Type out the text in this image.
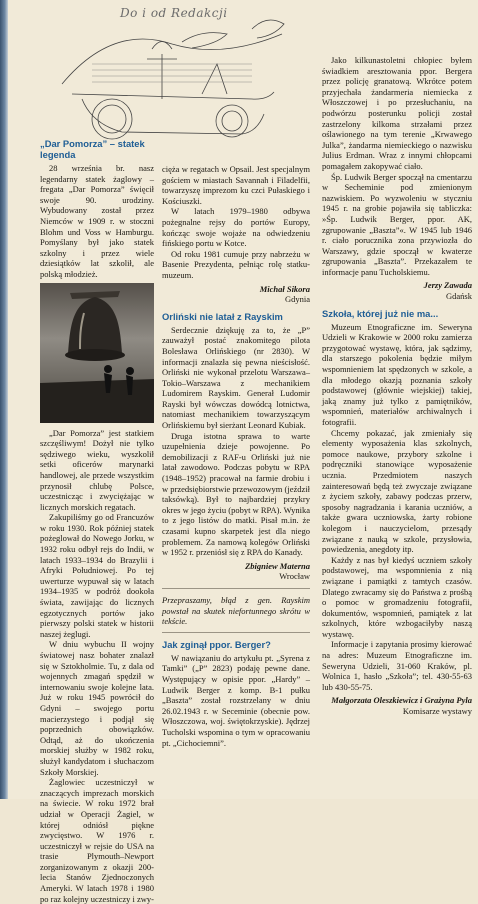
Do i od Redakcji
„Dar Pomorza” – statek legenda

28 września br. nasz legendarny statek żaglowy – fregata „Dar Pomorza” święcił swoje 90. urodziny. Wybudowany został przez Niemców w 1909 r. w stoczni Blohm und Voss w Hamburgu. Pomyślany był jako statek szkolny i przez wiele dziesiątków lat szkolił, ale polską młodzież.

„Dar Pomorza” jest statkiem szczęśliwym! Dożył nie tylko sędziwego wieku, wyszkolił setki oficerów marynarki handlowej, ale przede wszystkim przynosił chlubę Polsce, uczestnicząc i zwyciężając w licznych morskich regatach.

Zakupiliśmy go od Francuzów w roku 1930. Rok później statek pożeglował do Nowego Jorku, w 1932 roku odbył rejs do Indii, w latach 1933–1934 do Brazylii i Afryki Południowej. Po tej uwerturze wypuwał się w latach 1934–1935 w podróż dookoła świata, zawijając do licznych egzotycznych portów jako pierwszy polski statek w historii naszej żeglugi.

W dniu wybuchu II wojny światowej nasz bohater znalazł się w Sztokholmie. Tu, z dala od wojennych zmagań spędził w internowaniu swoje kolejne lata. Już w roku 1945 powrócił do Gdyni – swojego portu macierzystego i podjął się poprzednich obowiązków. Odtąd, aż do ukończenia morskiej służby w 1982 roku, służył kandydatom i słuchaczom Szkoły Morskiej.

Żaglowiec uczestniczył w znaczących imprezach morskich na świecie. W roku 1972 brał udział w Operacji Żagiel, w której odniósł piękne zwycięstwo. W 1976 r. uczestniczył w rejsie do USA na trasie Plymouth–Newport zorganizowanym z okazji 200-lecia Stanów Zjednoczonych Ameryki. W latach 1978 i 1980 po raz kolejny uczestniczy i zwy-

cięża w regatach w Opsail. Jest specjalnym gościem w miastach Savannah i Filadelfii, towarzyszę imprezom ku czci Pułaskiego i Kościuszki.

W latach 1979–1980 odbywa pożegnalne rejsy do portów Europy, kończąc swoje wojaże na odwiedzeniu fińskiego portu w Kotce.

Od roku 1981 cumuje przy nabrzeżu w Basenie Prezydenta, pełniąc rolę statku-muzeum.

Michał Sikora
Gdynia
Orliński nie latał z Rayskim

Serdecznie dziękuję za to, że „P” zauważył postać znakomitego pilota Bolesława Orlińskiego (nr 2830). W informacji znalazła się pewna nieścisłość. Orliński nie wykonał przelotu Warszawa–Tokio–Warszawa z mechanikiem Ludomirem Rayskim. Generał Ludomir Rayski był wówczas dowódcą lotnictwa, natomiast mechanikiem towarzyszącym Orlińskiemu był sierżant Leonard Kubiak.

Druga istotna sprawa to warte uzupełnienia dzieje powojenne. Po demobilizacji z RAF-u Orliński już nie latał zawodowo. Podczas pobytu w RPA (1948–1952) pracował na farmie drobiu i w przedsiębiorstwie przewozowym (jeździł taksówką). Był to najbardziej przykry okres w jego życiu (pobyt w RPA). Wynika to z jego listów do matki. Pisał m.in. że czasami kupno skarpetek jest dla niego problemem. Za namową kolegów Orliński w 1952 r. przeniósł się z RPA do Kanady.

Zbigniew Materna
Wrocław

Przepraszamy, błąd z gen. Rayskim powstał na skutek niefortunnego skrótu w tekście.

Jak zginął ppor. Berger?

W nawiązaniu do artykułu pt. „Syrena z Tamki” („P” 2823) podaję pewne dane. Występujący w opisie ppor. „Hardy” – Ludwik Berger z komp. B-1 pułku „Baszta” został rozstrzelany w dniu 26.02.1943 r. w Seceminie (obecnie pow. Włoszczowa, woj. świętokrzyskie). Jędrzej Tucholski wspomina o tym w opracowaniu pt. „Cichociemni”.

Jako kilkunastoletni chłopiec byłem świadkiem aresztowania ppor. Bergera przez policję granatową. Wkrótce potem przyjechała żandarmeria niemiecka z Włoszczowej i po przesłuchaniu, na podwórzu posterunku policji został zastrzelony kilkoma strzałami przez oślawionego na tym terenie „Krwawego Julka”, żandarma niemieckiego o nazwisku Julius Erdman. Wraz z innymi chłopcami pomagałem zakopywać ciało.

Śp. Ludwik Berger spoczął na cmentarzu w Secheminie pod zmienionym nazwiskiem. Po wyzwoleniu w styczniu 1945 r. na grobie pojawiła się tabliczka: »Śp. Ludwik Berger, ppor. AK, zgrupowanie „Baszta”«. W 1945 lub 1946 r. ciało porucznika zona przywiozła do Warszawy, gdzie spoczął w kwaterze zgrupowania „Baszta”. Przekazałem te informacje panu Tucholskiemu.

Jerzy Zawada
Gdańsk
Szkoła, której już nie ma...

Muzeum Etnograficzne im. Seweryna Udzieli w Krakowie w 2000 roku zamierza przygotować wystawę, która, jak sądzimy, dla starszego pokolenia będzie miłym wspomnieniem lat spędzonych w szkole, a dla młodego okazją poznania szkoły podstawowej (głównie wiejskiej) takiej, jaką znamy już tylko z pamiętników, wspomnień, materiałów archiwalnych i fotografii.

Chcemy pokazać, jak zmieniały się elementy wyposażenia klas szkolnych, pomoce naukowe, przybory szkolne i podręczniki stanowiące wyposażenie ucznia. Przedmiotem naszych zainteresowań będą też zwyczaje związane z życiem szkoły, zabawy podczas przerw, sposoby nagradzania i karania uczniów, a także gwara uczniowska, żarty robione kolegom i nauczycielom, przesądy związane z nauką w szkole, przysłowia, powiedzenia, anegdoty itp.

Każdy z nas był kiedyś uczniem szkoły podstawowej, ma wspomnienia z nią związane i pamiątki z tamtych czasów. Dlatego zwracamy się do Państwa z prośbą o pomoc w gromadzeniu fotografii, dokumentów, wspomnień, pamiątek z lat szkolnych, które wzbogaciłyby naszą wystawę.

Informacje i zapytania prosimy kierować na adres: Muzeum Etnograficzne im. Seweryna Udzieli, 31-060 Kraków, pl. Wolnica 1, hasło „Szkoła”; tel. 430-55-63 lub 430-55-75.

Małgorzata Oleszkiewicz i Grażyna Pyla
Komisarze wystawy
